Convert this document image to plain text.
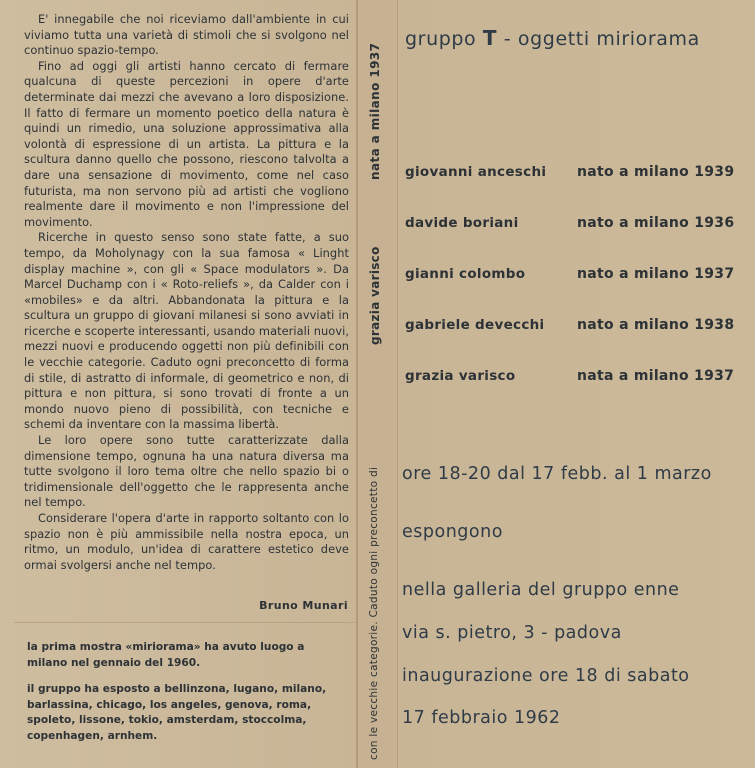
E' innegabile che noi riceviamo dall'ambiente in cui viviamo tutta una varietà di stimoli che si svolgono nel continuo spazio-tempo.

Fino ad oggi gli artisti hanno cercato di fermare qualcuna di queste percezioni in opere d'arte determinate dai mezzi che avevano a loro disposizione. Il fatto di fermare un momento poetico della natura è quindi un rimedio, una soluzione approssimativa alla volontà di espressione di un artista. La pittura e la scultura danno quello che possono, riescono talvolta a dare una sensazione di movimento, come nel caso futurista, ma non servono più ad artisti che vogliono realmente dare il movimento e non l'impressione del movimento.

Ricerche in questo senso sono state fatte, a suo tempo, da Moholynagy con la sua famosa « Linght display machine », con gli « Space modulators ». Da Marcel Duchamp con i « Roto-reliefs », da Calder con i «mobiles» e da altri. Abbandonata la pittura e la scultura un gruppo di giovani milanesi si sono avviati in ricerche e scoperte interessanti, usando materiali nuovi, mezzi nuovi e producendo oggetti non più definibili con le vecchie categorie. Caduto ogni preconcetto di forma di stile, di astratto di informale, di geometrico e non, di pittura e non pittura, si sono trovati di fronte a un mondo nuovo pieno di possibilità, con tecniche e schemi da inventare con la massima libertà.

Le loro opere sono tutte caratterizzate dalla dimensione tempo, ognuna ha una natura diversa ma tutte svolgono il loro tema oltre che nello spazio bi o tridimensionale dell'oggetto che le rappresenta anche nel tempo.

Considerare l'opera d'arte in rapporto soltanto con lo spazio non è più ammissibile nella nostra epoca, un ritmo, un modulo, un'idea di carattere estetico deve ormai svolgersi anche nel tempo.

Bruno Munari

la prima mostra «miriorama» ha avuto luogo a milano nel gennaio del 1960.

il gruppo ha esposto a bellinzona, lugano, milano, barlassina, chicago, los angeles, genova, roma, spoleto, lissone, tokio, amsterdam, stoccolma, copenhagen, arnhem.

nata a milano 1937
grazia varisco
con le vecchie categorie. Caduto ogni preconcetto di
gruppo T - oggetti miriorama
giovanni anceschi nato a milano 1939
davide boriani	nato a milano 1936
gianni colombo	nato a milano 1937
gabriele devecchi nato a milano 1938
grazia varisco	nata a milano 1937
ore 18-20 dal 17 febb. al 1 marzo
espongono
nella galleria del gruppo enne
via s. pietro, 3 - padova
inaugurazione ore 18 di sabato
17 febbraio 1962
